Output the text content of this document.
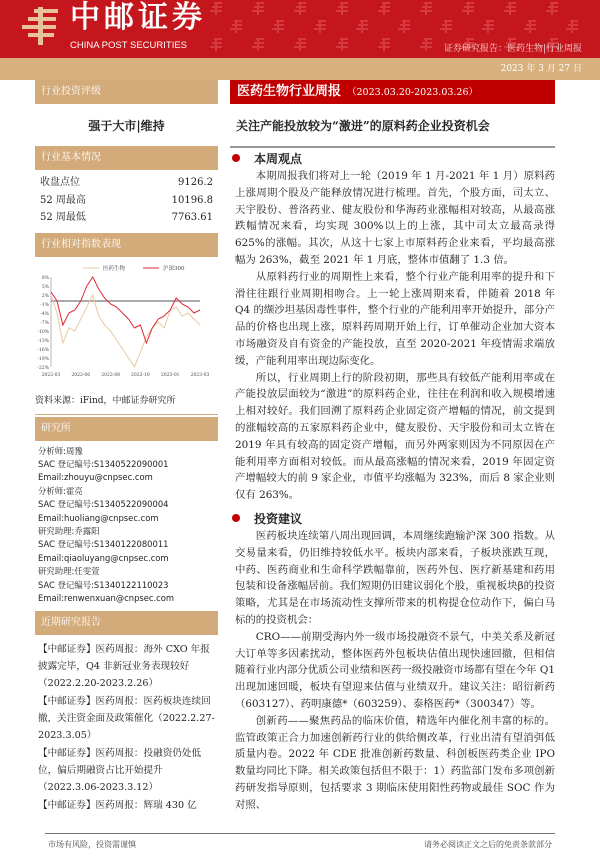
中邮证券
CHINA POST SECURITIES	证券研究报告：医药生物|行业周报
2023 年 3 月 27 日
行业投资评级
强于大市|维持
行业基本情况
收盘点位	9126.2
52 周最高	10196.8
52 周最低	7763.61
行业相对指数表现
8%
5%
2%
-1%
-4%
-7%
-10%
-13%
-16%
-19%
-22%
2022-03 2022-06 2022-08 2022-10 2023-01 2023-03
医药生物	沪深300
资料来源：iFind，中邮证券研究所
研究所
分析师:周豫
SAC 登记编号:S1340522090001
Email:zhouyu@cnpsec.com
分析师:霍亮
SAC 登记编号:S1340522090004
Email:huoliang@cnpsec.com
研究助理:乔露阳
SAC 登记编号:S1340122080011
Email:qiaoluyang@cnpsec.com
研究助理:任雯萱
SAC 登记编号:S1340122110023
Email:renwenxuan@cnpsec.com
近期研究报告
【中邮证券】医药周报：海外 CXO 年报披露完毕，Q4 非新冠业务表现较好（2022.2.20-2023.2.26）
【中邮证券】医药周报：医药板块连续回撤，关注资金面及政策催化（2022.2.27-2023.3.05）
【中邮证券】医药周报：投融资仍处低位，偏后期融资占比开始提升（2022.3.06-2023.3.12）
【中邮证券】医药周报：辉瑞 430 亿
医药生物行业周报 （2023.03.20-2023.03.26）
关注产能投放较为“激进”的原料药企业投资机会
本周观点

本期周报我们将对上一轮（2019 年 1 月-2021 年 1 月）原料药上涨周期个股及产能释放情况进行梳理。首先，个股方面，司太立、天宇股份、普洛药业、健友股份和华海药业涨幅相对较高，从最高涨跌幅情况来看，均实现 300%以上的上涨，其中司太立最高录得 625%的涨幅。其次，从这十七家上市原料药企业来看，平均最高涨幅为 263%，截至 2021 年 1 月底，整体市值翻了 1.3 倍。

从原料药行业的周期性上来看，整个行业产能利用率的提升和下滑往往跟行业周期相吻合。上一轮上涨周期来看，伴随着 2018 年 Q4 的缬沙坦基因毒性事件，整个行业的产能利用率开始提升，部分产品的价格也出现上涨，原料药周期开始上行，订单催动企业加大资本市场融资及自有资金的产能投放，直至 2020-2021 年疫情需求端放缓，产能利用率出现边际变化。

所以，行业周期上行的阶段初期，那些具有较低产能利用率或在产能投放层面较为“激进”的原料药企业，往往在利润和收入规模增速上相对较好。我们回溯了原料药企业固定资产增幅的情况，前文提到的涨幅较高的五家原料药企业中，健友股份、天宇股份和司太立皆在 2019 年具有较高的固定资产增幅，而另外两家则因为不同原因在产能利用率方面相对较低。而从最高涨幅的情况来看，2019 年固定资产增幅较大的前 9 家企业，市值平均涨幅为 323%，而后 8 家企业则仅有 263%。

投资建议

医药板块连续第八周出现回调，本周继续跑输沪深 300 指数。从交易量来看，仍旧维持较低水平。板块内部来看，子板块涨跌互现，中药、医药商业和生命科学跌幅靠前，医药外包、医疗新基建和药用包装和设备涨幅居前。我们短期仍旧建议弱化个股，重视板块β的投资策略，尤其是在市场流动性支撑所带来的机构提仓位动作下，偏白马标的的投资机会：

CRO——前期受海内外一级市场投融资不景气，中美关系及新冠大订单等多因素扰动，整体医药外包板块估值出现快速回撤，但相信随着行业内部分优质公司业绩和医药一级投融资市场都有望在今年 Q1 出现加速回暖，板块有望迎来估值与业绩双升。建议关注：昭衍新药（603127）、药明康德*（603259）、泰格医药*（300347）等。

创新药——聚焦药品的临床价值，精选年内催化剂丰富的标的。监管政策正合力加速创新药行业的供给侧改革，行业出清有望消弭低质量内卷。2022 年 CDE 批准创新药数量、科创板医药类企业 IPO 数量均同比下降。相关政策包括但不限于：1）药监部门发布多项创新药研发指导原则，包括要求 3 期临床使用阳性药物或最佳 SOC 作为对照、

市场有风险，投资需谨慎	请务必阅读正文之后的免责条款部分
